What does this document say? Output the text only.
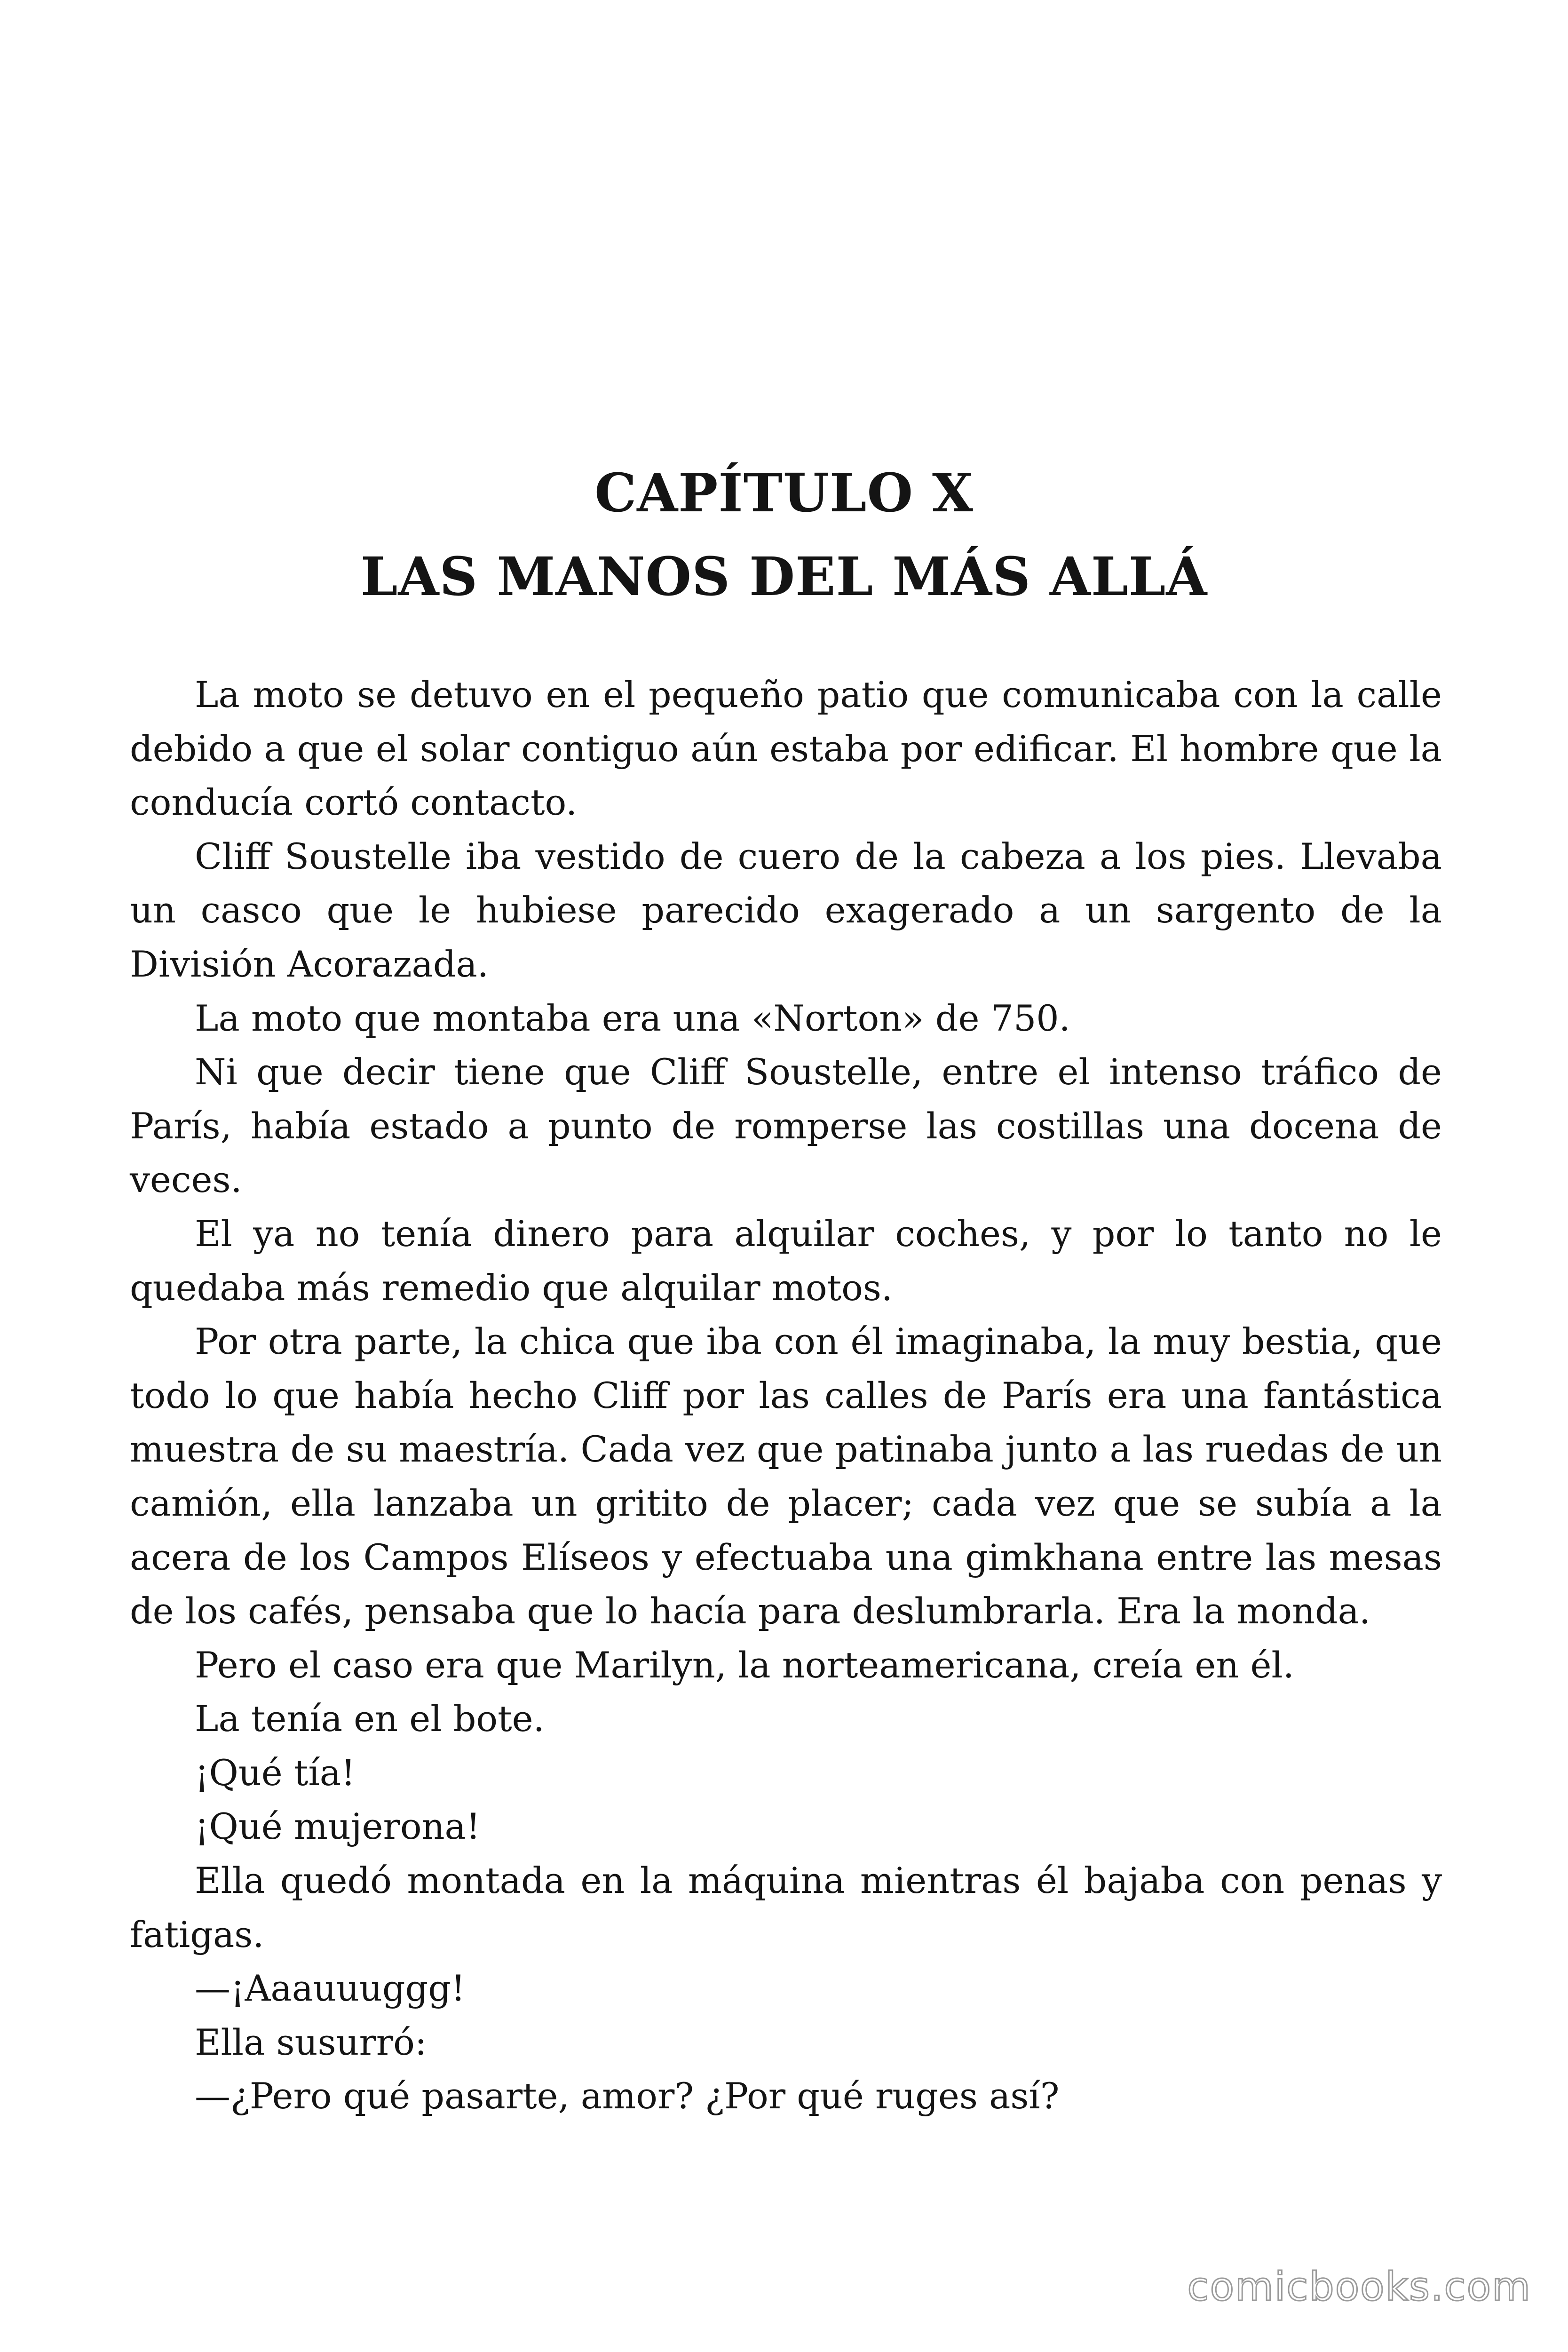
CAPÍTULO X
LAS MANOS DEL MÁS ALLÁ

La moto se detuvo en el pequeño patio que comunicaba con la calle debido a que el solar contiguo aún estaba por edificar. El hombre que la conducía cortó contacto.

Cliff Soustelle iba vestido de cuero de la cabeza a los pies. Llevaba un casco que le hubiese parecido exagerado a un sargento de la División Acorazada.

La moto que montaba era una «Norton» de 750.

Ni que decir tiene que Cliff Soustelle, entre el intenso tráfico de París, había estado a punto de romperse las costillas una docena de veces.

El ya no tenía dinero para alquilar coches, y por lo tanto no le quedaba más remedio que alquilar motos.

Por otra parte, la chica que iba con él imaginaba, la muy bestia, que todo lo que había hecho Cliff por las calles de París era una fantástica muestra de su maestría. Cada vez que patinaba junto a las ruedas de un camión, ella lanzaba un gritito de placer; cada vez que se subía a la acera de los Campos Elíseos y efectuaba una gimkhana entre las mesas de los cafés, pensaba que lo hacía para deslumbrarla. Era la monda.

Pero el caso era que Marilyn, la norteamericana, creía en él.

La tenía en el bote.

¡Qué tía!

¡Qué mujerona!

Ella quedó montada en la máquina mientras él bajaba con penas y fatigas.

—¡Aaauuuggg!

Ella susurró:

—¿Pero qué pasarte, amor? ¿Por qué ruges así?

comicbooks.com
